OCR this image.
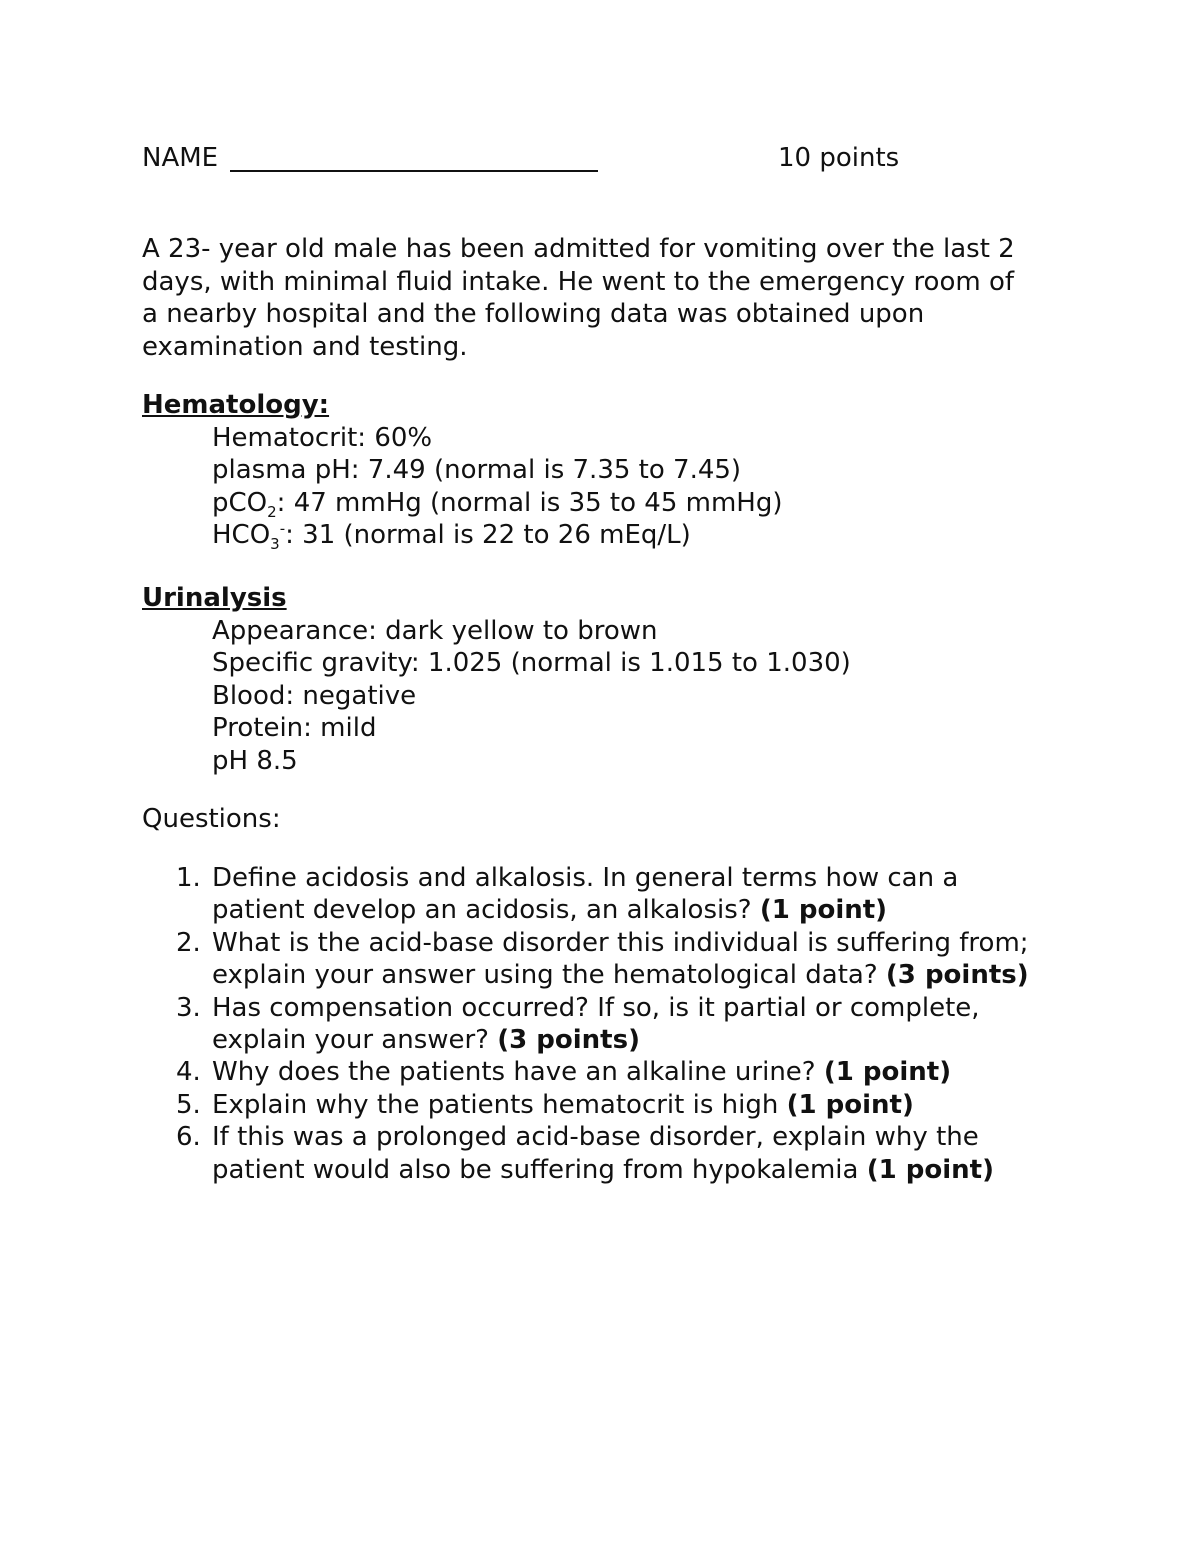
NAME	10 points

A 23- year old male has been admitted for vomiting over the last 2
days, with minimal fluid intake. He went to the emergency room of
a nearby hospital and the following data was obtained upon
examination and testing.

Hematology:
Hematocrit: 60%
plasma pH: 7.49 (normal is 7.35 to 7.45)
pCO$_2$: 47 mmHg (normal is 35 to 45 mmHg)
$HCO_3^-$: 31 (normal is 22 to 26 mEq/L)
Urinalysis
Appearance: dark yellow to brown
Specific gravity: 1.025 (normal is 1.015 to 1.030)
Blood: negative
Protein: mild
pH 8.5
Questions:
1. Define acidosis and alkalosis. In general terms how can a
patient develop an acidosis, an alkalosis? (1 point)
2. What is the acid-base disorder this individual is suffering from;
explain your answer using the hematological data? (3 points)
3. Has compensation occurred? If so, is it partial or complete,
explain your answer? (3 points)
4. Why does the patients have an alkaline urine? (1 point)
5. Explain why the patients hematocrit is high (1 point)
6. If this was a prolonged acid-base disorder, explain why the
patient would also be suffering from hypokalemia (1 point)
